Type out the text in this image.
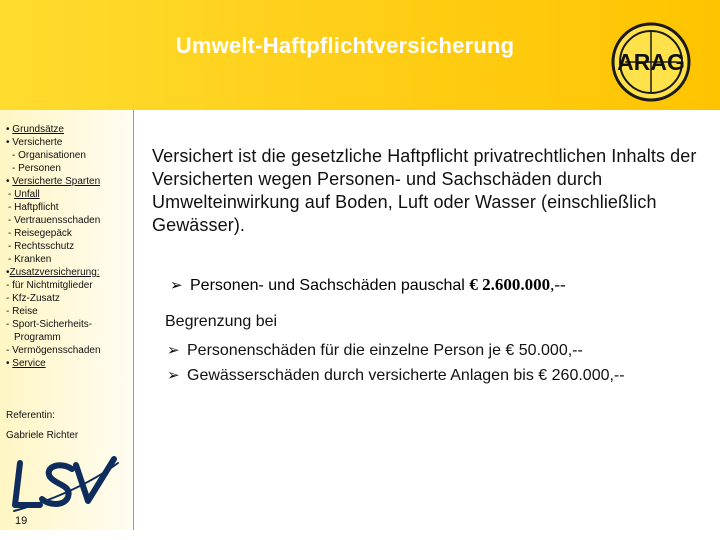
Umwelt-Haftpflichtversicherung
ARAG
• Grundsätze
• Versicherte
- Organisationen
- Personen
• Versicherte Sparten
- Unfall
- Haftpflicht
- Vertrauensschaden
- Reisegepäck
- Rechtsschutz
- Kranken
•Zusatzversicherung:
- für Nichtmitglieder
- Kfz-Zusatz
- Reise
- Sport-Sicherheits-
Programm
- Vermögensschaden
• Service
Referentin:
Gabriele Richter
19
Versichert ist die gesetzliche Haftpflicht privatrechtlichen Inhalts der Versicherten wegen Personen- und Sachschäden durch Umwelteinwirkung auf Boden, Luft oder Wasser (einschließlich Gewässer).
➢ Personen- und Sachschäden pauschal € 2.600.000,--
Begrenzung bei
➢ Personenschäden für die einzelne Person je € 50.000,--
➢ Gewässerschäden durch versicherte Anlagen bis € 260.000,--
